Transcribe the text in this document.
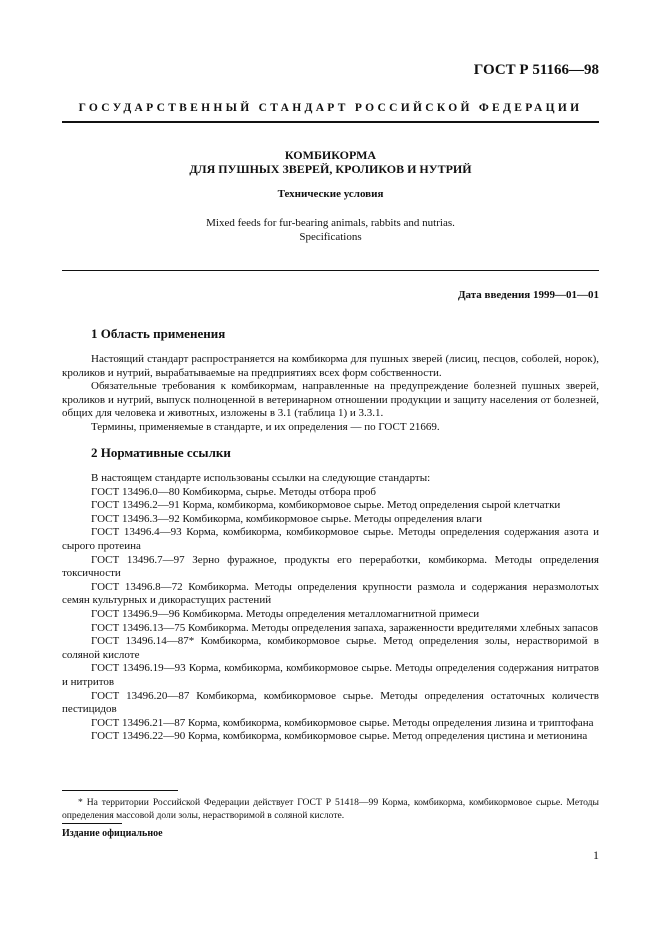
ГОСТ Р 51166—98
ГОСУДАРСТВЕННЫЙ СТАНДАРТ РОССИЙСКОЙ ФЕДЕРАЦИИ
КОМБИКОРМА
ДЛЯ ПУШНЫХ ЗВЕРЕЙ, КРОЛИКОВ И НУТРИЙ
Технические условия
Mixed feeds for fur-bearing animals, rabbits and nutrias.
Specifications
Дата введения 1999—01—01
1 Область применения

Настоящий стандарт распространяется на комбикорма для пушных зверей (лисиц, песцов, соболей, норок), кроликов и нутрий, вырабатываемые на предприятиях всех форм собственности.

Обязательные требования к комбикормам, направленные на предупреждение болезней пушных зверей, кроликов и нутрий, выпуск полноценной в ветеринарном отношении продукции и защиту населения от болезней, общих для человека и животных, изложены в 3.1 (таблица 1) и 3.3.1.

Термины, применяемые в стандарте, и их определения — по ГОСТ 21669.

2 Нормативные ссылки

В настоящем стандарте использованы ссылки на следующие стандарты:

ГОСТ 13496.0—80 Комбикорма, сырье. Методы отбора проб

ГОСТ 13496.2—91 Корма, комбикорма, комбикормовое сырье. Метод определения сырой клетчатки

ГОСТ 13496.3—92 Комбикорма, комбикормовое сырье. Методы определения влаги

ГОСТ 13496.4—93 Корма, комбикорма, комбикормовое сырье. Методы определения содержания азота и сырого протеина

ГОСТ 13496.7—97 Зерно фуражное, продукты его переработки, комбикорма. Методы определения токсичности

ГОСТ 13496.8—72 Комбикорма. Методы определения крупности размола и содержания неразмолотых семян культурных и дикорастущих растений

ГОСТ 13496.9—96 Комбикорма. Методы определения металломагнитной примеси

ГОСТ 13496.13—75 Комбикорма. Методы определения запаха, зараженности вредителями хлебных запасов

ГОСТ 13496.14—87* Комбикорма, комбикормовое сырье. Метод определения золы, нерастворимой в соляной кислоте

ГОСТ 13496.19—93 Корма, комбикорма, комбикормовое сырье. Методы определения содержания нитратов и нитритов

ГОСТ 13496.20—87 Комбикорма, комбикормовое сырье. Методы определения остаточных количеств пестицидов

ГОСТ 13496.21—87 Корма, комбикорма, комбикормовое сырье. Методы определения лизина и триптофана

ГОСТ 13496.22—90 Корма, комбикорма, комбикормовое сырье. Метод определения цистина и метионина

* На территории Российской Федерации действует ГОСТ Р 51418—99 Корма, комбикорма, комбикормовое сырье. Методы определения массовой доли золы, нерастворимой в соляной кислоте.

Издание официальное
1
